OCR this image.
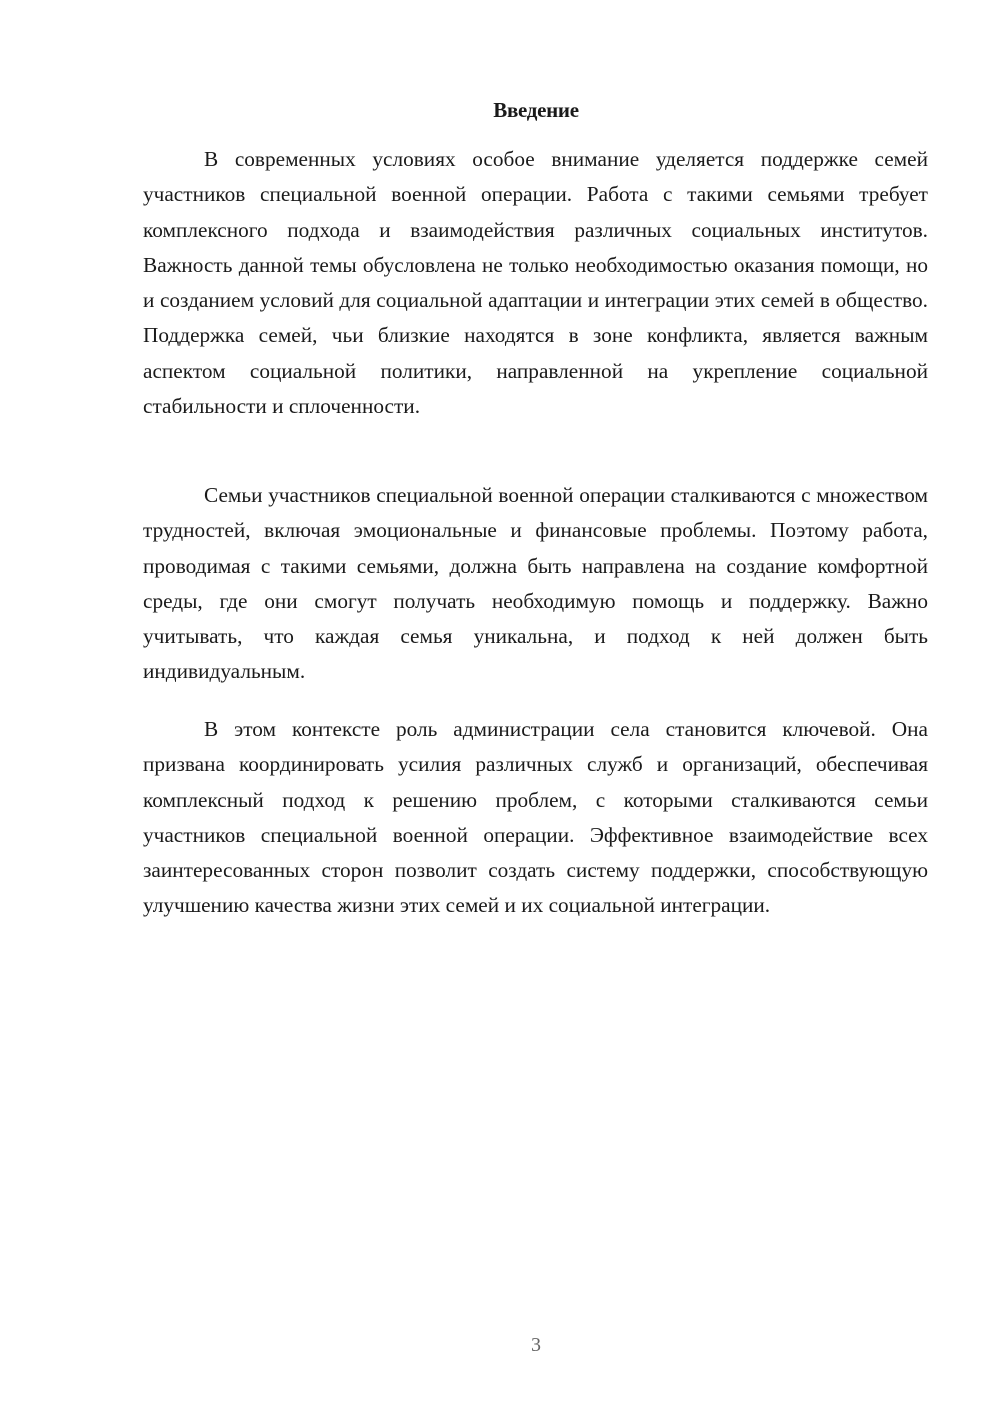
Введение

В современных условиях особое внимание уделяется поддержке семей участников специальной военной операции. Работа с такими семьями требует комплексного подхода и взаимодействия различных социальных институтов. Важность данной темы обусловлена не только необходимостью оказания помощи, но и созданием условий для социальной адаптации и интеграции этих семей в общество. Поддержка семей, чьи близкие находятся в зоне конфликта, является важным аспектом социальной политики, направленной на укрепление социальной стабильности и сплоченности.

Семьи участников специальной военной операции сталкиваются с множеством трудностей, включая эмоциональные и финансовые проблемы. Поэтому работа, проводимая с такими семьями, должна быть направлена на создание комфортной среды, где они смогут получать необходимую помощь и поддержку. Важно учитывать, что каждая семья уникальна, и подход к ней должен быть индивидуальным.

В этом контексте роль администрации села становится ключевой. Она призвана координировать усилия различных служб и организаций, обеспечивая комплексный подход к решению проблем, с которыми сталкиваются семьи участников специальной военной операции. Эффективное взаимодействие всех заинтересованных сторон позволит создать систему поддержки, способствующую улучшению качества жизни этих семей и их социальной интеграции.

3
